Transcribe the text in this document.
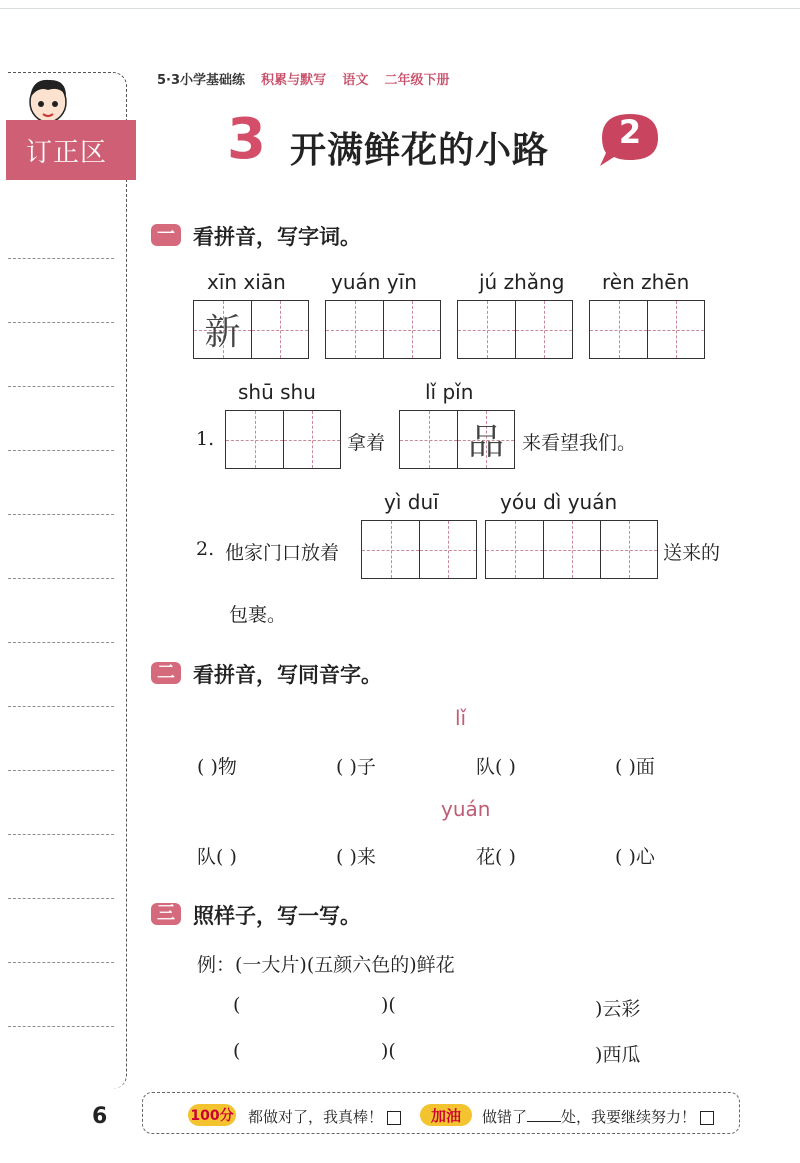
订正区
5·3小学基础练 积累与默写 语文 二年级下册
3 开满鲜花的小路 2
一 看拼音，写字词。
xīn xiān yuán yīn	jú zhǎng rèn zhēn
新
shū shu	lǐ pǐn
1.	拿着 品 来看望我们。
yì duī	yóu dì yuán
2. 他家门口放着	送来的
包裹。
二 看拼音，写同音字。
lǐ
( )物	( )子	队( )	( )面
yuán
队( )	( )来	花( )	( )心
三 照样子，写一写。
例：(一大片)(五颜六色的)鲜花
(	)(	)云彩
(	)(	)西瓜
6	100分 都做对了，我真棒！	加油	做错了 处，我要继续努力！
